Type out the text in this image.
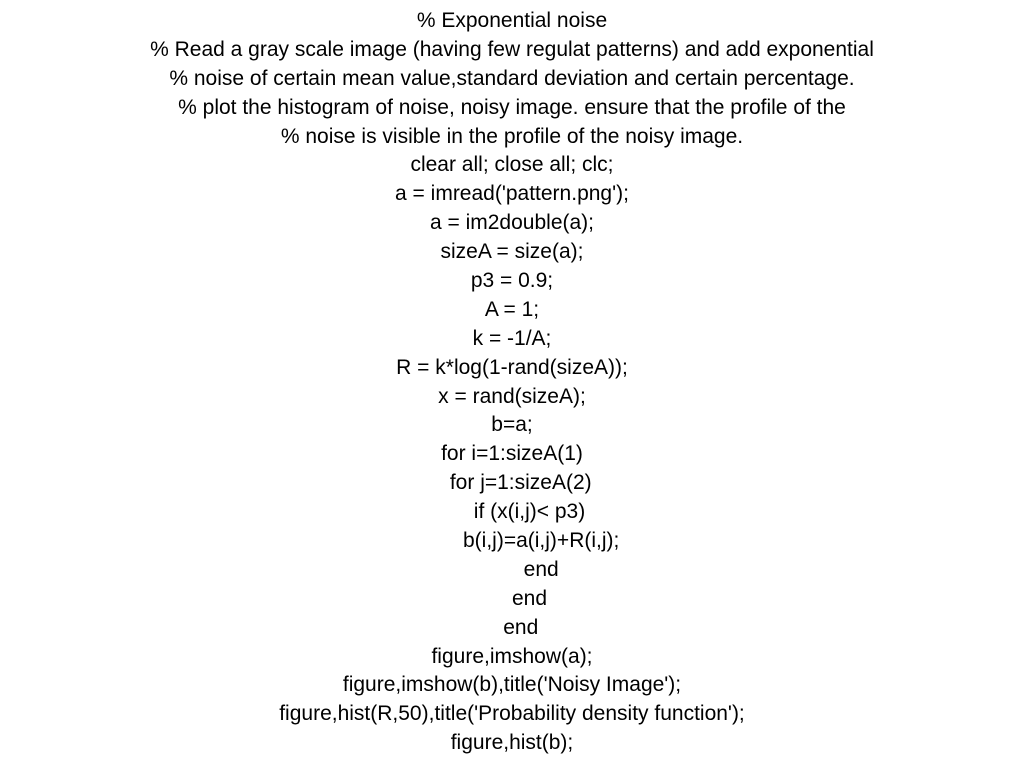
% Exponential noise
% Read a gray scale image (having few regulat patterns) and add exponential
% noise of certain mean value,standard deviation and certain percentage.
% plot the histogram of noise, noisy image. ensure that the profile of the
% noise is visible in the profile of the noisy image.
clear all; close all; clc;
a = imread('pattern.png');
a = im2double(a);
sizeA = size(a);
p3 = 0.9;
A = 1;
k = -1/A;
R = k*log(1-rand(sizeA));
x = rand(sizeA);
b=a;
for i=1:sizeA(1)
for j=1:sizeA(2)
if (x(i,j)< p3)
b(i,j)=a(i,j)+R(i,j);
end
end
end
figure,imshow(a);
figure,imshow(b),title('Noisy Image');
figure,hist(R,50),title('Probability density function');
figure,hist(b);
